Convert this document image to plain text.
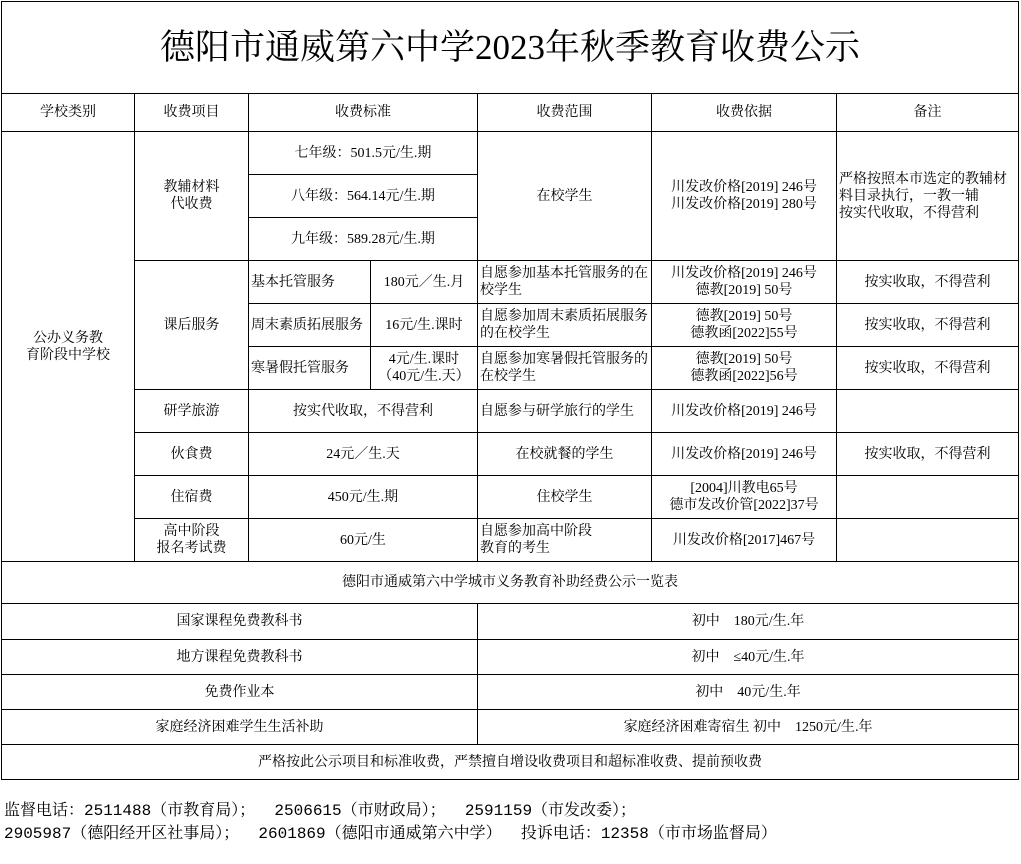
德阳市通威第六中学2023年秋季教育收费公示						
学校类别	收费项目	收费标准		收费范围	收费依据	备注

公办义务教
育阶段中学校	教辅材料
代收费	七年级：501.5元/生.期		在校学生	川发改价格[2019] 246号
川发改价格[2019] 280号	严格按照本市选定的教辅材料目录执行，一教一辅
按实代收取，不得营利

		八年级：564.14元/生.期				
		九年级：589.28元/生.期				
	课后服务	基本托管服务	180元／生.月	自愿参加基本托管服务的在校学生	川发改价格[2019] 246号
德教[2019] 50号	按实收取，不得营利
		周末素质拓展服务	16元/生.课时	自愿参加周末素质拓展服务的在校学生	德教[2019] 50号
德教函[2022]55号	按实收取，不得营利
		寒暑假托管服务	4元/生.课时
（40元/生.天）	自愿参加寒暑假托管服务的在校学生	德教[2019] 50号
德教函[2022]56号	按实收取，不得营利
	研学旅游	按实代收取，不得营利		自愿参与研学旅行的学生	川发改价格[2019] 246号	
	伙食费	24元／生.天		在校就餐的学生	川发改价格[2019] 246号	按实收取，不得营利
	住宿费	450元/生.期		住校学生	[2004]川教电65号
德市发改价管[2022]37号	

	高中阶段
报名考试费	60元/生		自愿参加高中阶段
教育的考生	川发改价格[2017]467号	
德阳市通威第六中学城市义务教育补助经费公示一览表						
国家课程免费教科书				初中　180元/生.年		
地方课程免费教科书				初中　≤40元/生.年		
免费作业本				初中　40元/生.年		
家庭经济困难学生生活补助				家庭经济困难寄宿生 初中　1250元/生.年		
严格按此公示项目和标准收费，严禁擅自增设收费项目和超标准收费、提前预收费						
监督电话：2511488（市教育局）；  2506615（市财政局）；  2591159（市发改委）；
2905987（德阳经开区社事局）；  2601869（德阳市通威第六中学）  投诉电话：12358（市市场监督局）
